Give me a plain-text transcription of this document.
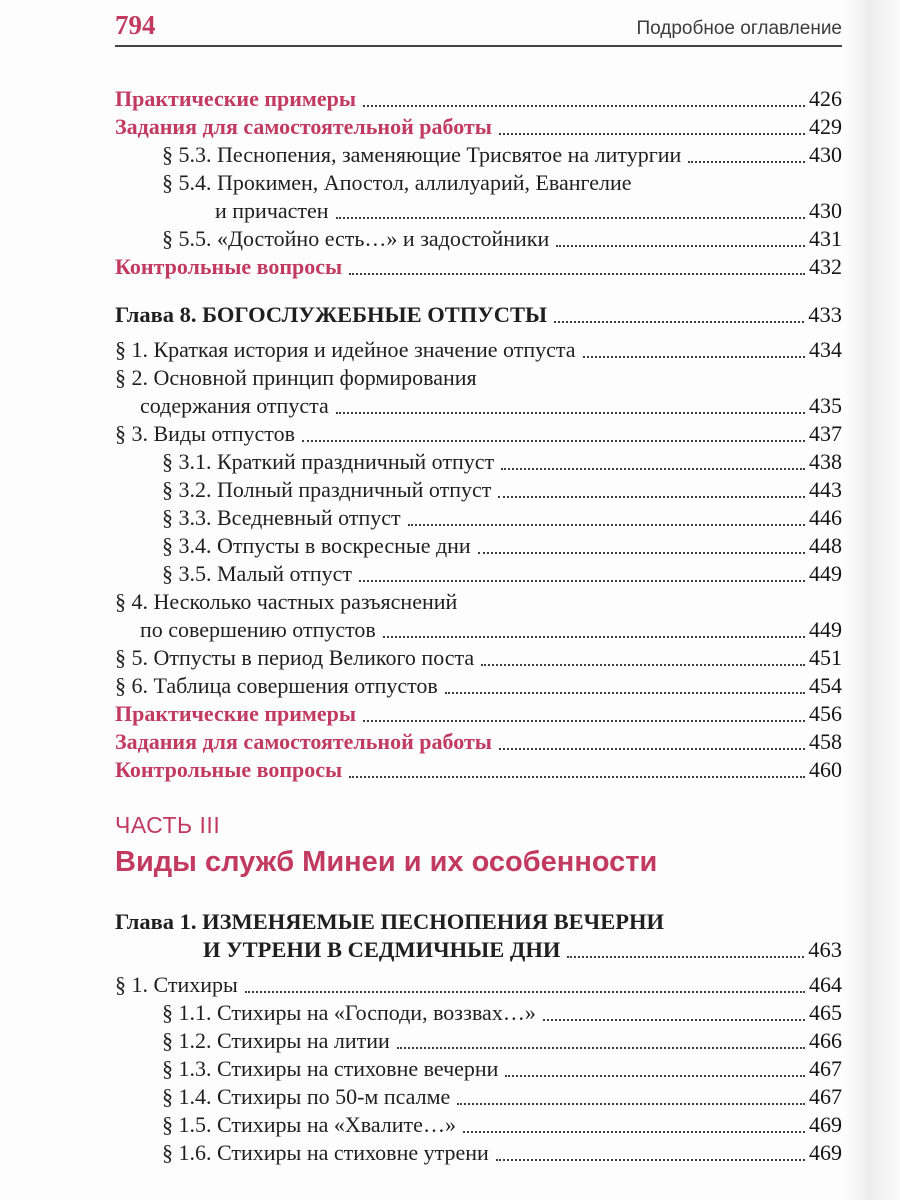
794	Подробное оглавление
Практические примеры	426
Задания для самостоятельной работы	429
§ 5.3. Песнопения, заменяющие Трисвятое на литургии	430
§ 5.4. Прокимен, Апостол, аллилуарий, Евангелие
и причастен	430
§ 5.5. «Достойно есть…» и задостойники	431
Контрольные вопросы	432
Глава 8. БОГОСЛУЖЕБНЫЕ ОТПУСТЫ	433
§ 1. Краткая история и идейное значение отпуста	434
§ 2. Основной принцип формирования
содержания отпуста	435
§ 3. Виды отпустов	437
§ 3.1. Краткий праздничный отпуст	438
§ 3.2. Полный праздничный отпуст	443
§ 3.3. Вседневный отпуст	446
§ 3.4. Отпусты в воскресные дни	448
§ 3.5. Малый отпуст	449
§ 4. Несколько частных разъяснений
по совершению отпустов	449
§ 5. Отпусты в период Великого поста	451
§ 6. Таблица совершения отпустов	454
Практические примеры	456
Задания для самостоятельной работы	458
Контрольные вопросы	460
ЧАСТЬ III
Виды служб Минеи и их особенности
Глава 1. ИЗМЕНЯЕМЫЕ ПЕСНОПЕНИЯ ВЕЧЕРНИ
И УТРЕНИ В СЕДМИЧНЫЕ ДНИ	463
§ 1. Стихиры	464
§ 1.1. Стихиры на «Господи, воззвах…»	465
§ 1.2. Стихиры на литии	466
§ 1.3. Стихиры на стиховне вечерни	467
§ 1.4. Стихиры по 50-м псалме	467
§ 1.5. Стихиры на «Хвалите…»	469
§ 1.6. Стихиры на стиховне утрени	469
